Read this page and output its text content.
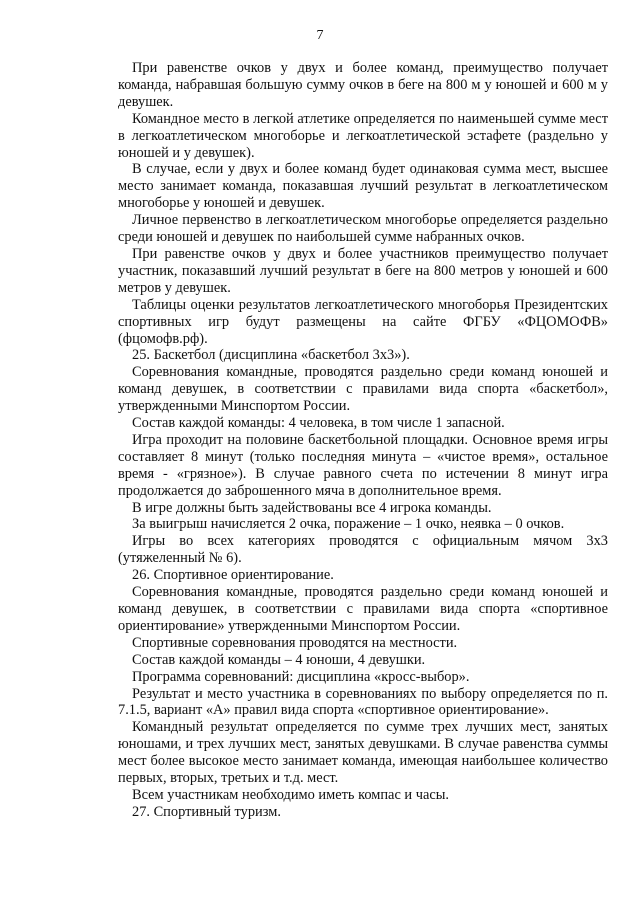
7

При равенстве очков у двух и более команд, преимущество получает команда, набравшая большую сумму очков в беге на 800 м у юношей и 600 м у девушек.

Командное место в легкой атлетике определяется по наименьшей сумме мест в легкоатлетическом многоборье и легкоатлетической эстафете (раздельно у юношей и у девушек).

В случае, если у двух и более команд будет одинаковая сумма мест, высшее место занимает команда, показавшая лучший результат в легкоатлетическом многоборье у юношей и девушек.

Личное первенство в легкоатлетическом многоборье определяется раздельно среди юношей и девушек по наибольшей сумме набранных очков.

При равенстве очков у двух и более участников преимущество получает участник, показавший лучший результат в беге на 800 метров у юношей и 600 метров у девушек.

Таблицы оценки результатов легкоатлетического многоборья Президентских спортивных игр будут размещены на сайте ФГБУ «ФЦОМОФВ» (фцомофв.рф).

25. Баскетбол (дисциплина «баскетбол 3х3»).

Соревнования командные, проводятся раздельно среди команд юношей и команд девушек, в соответствии с правилами вида спорта «баскетбол», утвержденными Минспортом России.

Состав каждой команды: 4 человека, в том числе 1 запасной.

Игра проходит на половине баскетбольной площадки. Основное время игры составляет 8 минут (только последняя минута – «чистое время», остальное время - «грязное»). В случае равного счета по истечении 8 минут игра продолжается до заброшенного мяча в дополнительное время.

В игре должны быть задействованы все 4 игрока команды.

За выигрыш начисляется 2 очка, поражение – 1 очко, неявка – 0 очков.

Игры во всех категориях проводятся с официальным мячом 3х3 (утяжеленный № 6).

26. Спортивное ориентирование.

Соревнования командные, проводятся раздельно среди команд юношей и команд девушек, в соответствии с правилами вида спорта «спортивное ориентирование» утвержденными Минспортом России.

Спортивные соревнования проводятся на местности.

Состав каждой команды – 4 юноши, 4 девушки.

Программа соревнований: дисциплина «кросс-выбор».

Результат и место участника в соревнованиях по выбору определяется по п. 7.1.5, вариант «А» правил вида спорта «спортивное ориентирование».

Командный результат определяется по сумме трех лучших мест, занятых юношами, и трех лучших мест, занятых девушками. В случае равенства суммы мест более высокое место занимает команда, имеющая наибольшее количество первых, вторых, третьих и т.д. мест.

Всем участникам необходимо иметь компас и часы.

27. Спортивный туризм.
